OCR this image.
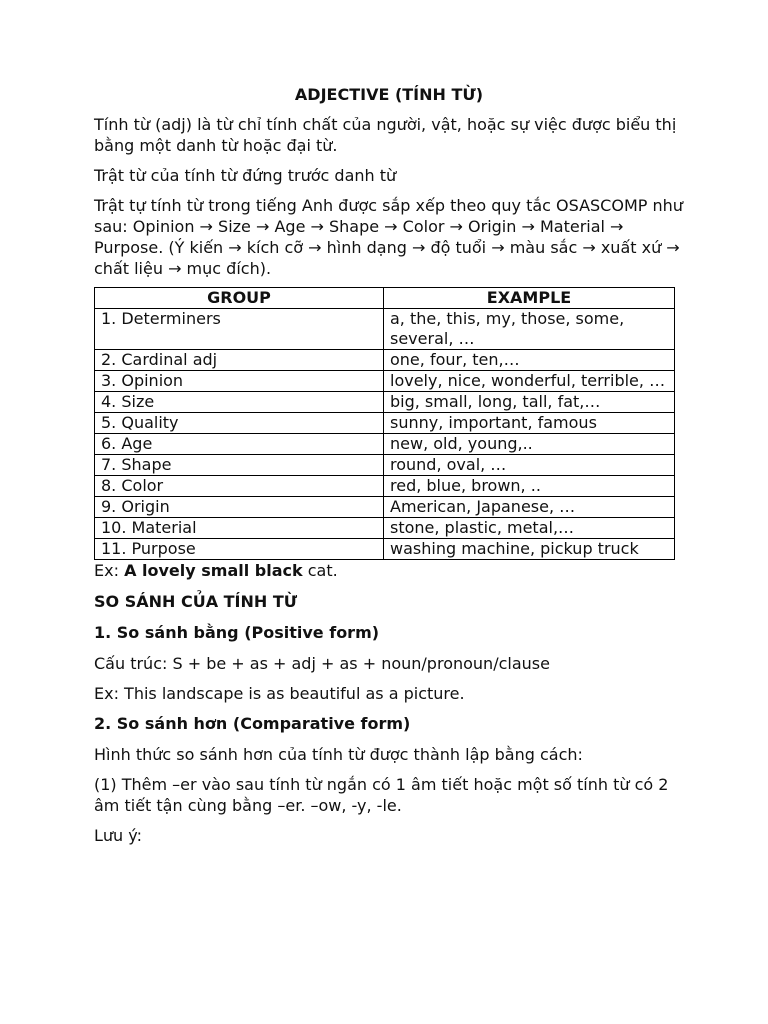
ADJECTIVE (TÍNH TỪ)

Tính từ (adj) là từ chỉ tính chất của người, vật, hoặc sự việc được biểu thị bằng một danh từ hoặc đại từ.

Trật từ của tính từ đứng trước danh từ

Trật tự tính từ trong tiếng Anh được sắp xếp theo quy tắc OSASCOMP như sau: Opinion → Size → Age → Shape → Color → Origin → Material → Purpose. (Ý kiến → kích cỡ → hình dạng → độ tuổi → màu sắc → xuất xứ → chất liệu → mục đích).

GROUP	EXAMPLE
1. Determiners	a, the, this, my, those, some, several, …
2. Cardinal adj	one, four, ten,…
3. Opinion	lovely, nice, wonderful, terrible, …
4. Size	big, small, long, tall, fat,…
5. Quality	sunny, important, famous
6. Age	new, old, young,..
7. Shape	round, oval, …
8. Color	red, blue, brown, ..
9. Origin	American, Japanese, …
10. Material	stone, plastic, metal,…
11. Purpose	washing machine, pickup truck

Ex: A lovely small black cat.

SO SÁNH CỦA TÍNH TỪ

1. So sánh bằng (Positive form)

Cấu trúc: S + be + as + adj + as + noun/pronoun/clause

Ex: This landscape is as beautiful as a picture.

2. So sánh hơn (Comparative form)

Hình thức so sánh hơn của tính từ được thành lập bằng cách:

(1) Thêm –er vào sau tính từ ngắn có 1 âm tiết hoặc một số tính từ có 2 âm tiết tận cùng bằng –er. –ow, -y, -le.

Lưu ý:
